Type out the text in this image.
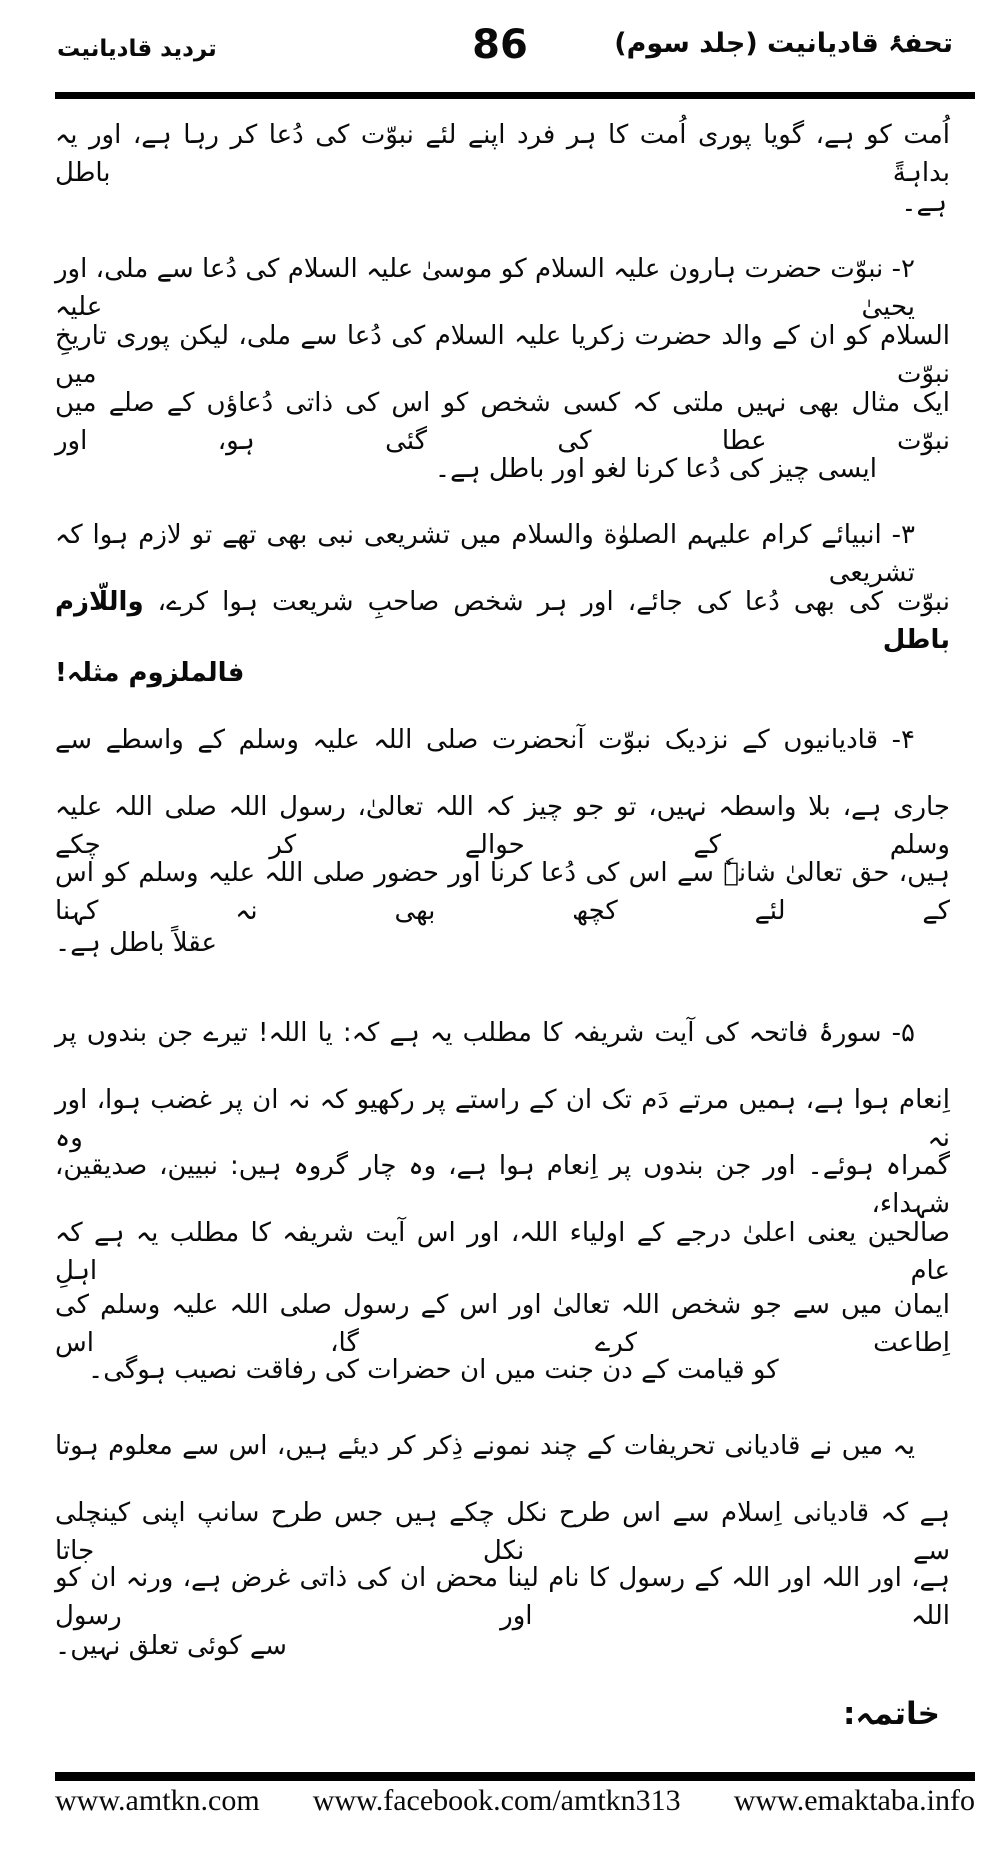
تحفۂ قادیانیت (جلد سوم)
86
تردید قادیانیت
اُمت کو ہے، گویا پوری اُمت کا ہر فرد اپنے لئے نبوّت کی دُعا کر رہا ہے، اور یہ بداہةً باطل
ہے۔
۲- نبوّت حضرت ہارون علیہ السلام کو موسیٰ علیہ السلام کی دُعا سے ملی، اور یحییٰ علیہ
السلام کو ان کے والد حضرت زکریا علیہ السلام کی دُعا سے ملی، لیکن پوری تاریخِ نبوّت میں
ایک مثال بھی نہیں ملتی کہ کسی شخص کو اس کی ذاتی دُعاؤں کے صلے میں نبوّت عطا کی گئی ہو، اور
ایسی چیز کی دُعا کرنا لغو اور باطل ہے۔
۳- انبیائے کرام علیہم الصلوٰة والسلام میں تشریعی نبی بھی تھے تو لازم ہوا کہ تشریعی
نبوّت کی بھی دُعا کی جائے، اور ہر شخص صاحبِ شریعت ہوا کرے، واللّازم باطل
فالملزوم مثلہ!
۴- قادیانیوں کے نزدیک نبوّت آنحضرت صلی اللہ علیہ وسلم کے واسطے سے
جاری ہے، بلا واسطہ نہیں، تو جو چیز کہ اللہ تعالیٰ، رسول اللہ صلی اللہ علیہ وسلم کے حوالے کر چکے
ہیں، حق تعالیٰ شانہٗ سے اس کی دُعا کرنا اور حضور صلی اللہ علیہ وسلم کو اس کے لئے کچھ بھی نہ کہنا
عقلاً باطل ہے۔
۵- سورۂ فاتحہ کی آیت شریفہ کا مطلب یہ ہے کہ: یا اللہ! تیرے جن بندوں پر
اِنعام ہوا ہے، ہمیں مرتے دَم تک ان کے راستے پر رکھیو کہ نہ ان پر غضب ہوا، اور نہ وہ
گمراہ ہوئے۔ اور جن بندوں پر اِنعام ہوا ہے، وہ چار گروہ ہیں: نبیین، صدیقین، شہداء،
صالحین یعنی اعلیٰ درجے کے اولیاء اللہ، اور اس آیت شریفہ کا مطلب یہ ہے کہ عام اہلِ
ایمان میں سے جو شخص اللہ تعالیٰ اور اس کے رسول صلی اللہ علیہ وسلم کی اِطاعت کرے گا، اس
کو قیامت کے دن جنت میں ان حضرات کی رفاقت نصیب ہوگی۔
یہ میں نے قادیانی تحریفات کے چند نمونے ذِکر کر دیئے ہیں، اس سے معلوم ہوتا
ہے کہ قادیانی اِسلام سے اس طرح نکل چکے ہیں جس طرح سانپ اپنی کینچلی سے نکل جاتا
ہے، اور اللہ اور اللہ کے رسول کا نام لینا محض ان کی ذاتی غرض ہے، ورنہ ان کو اللہ اور رسول
سے کوئی تعلق نہیں۔
خاتمہ:
www.amtkn.com www.facebook.com/amtkn313 www.emaktaba.info
